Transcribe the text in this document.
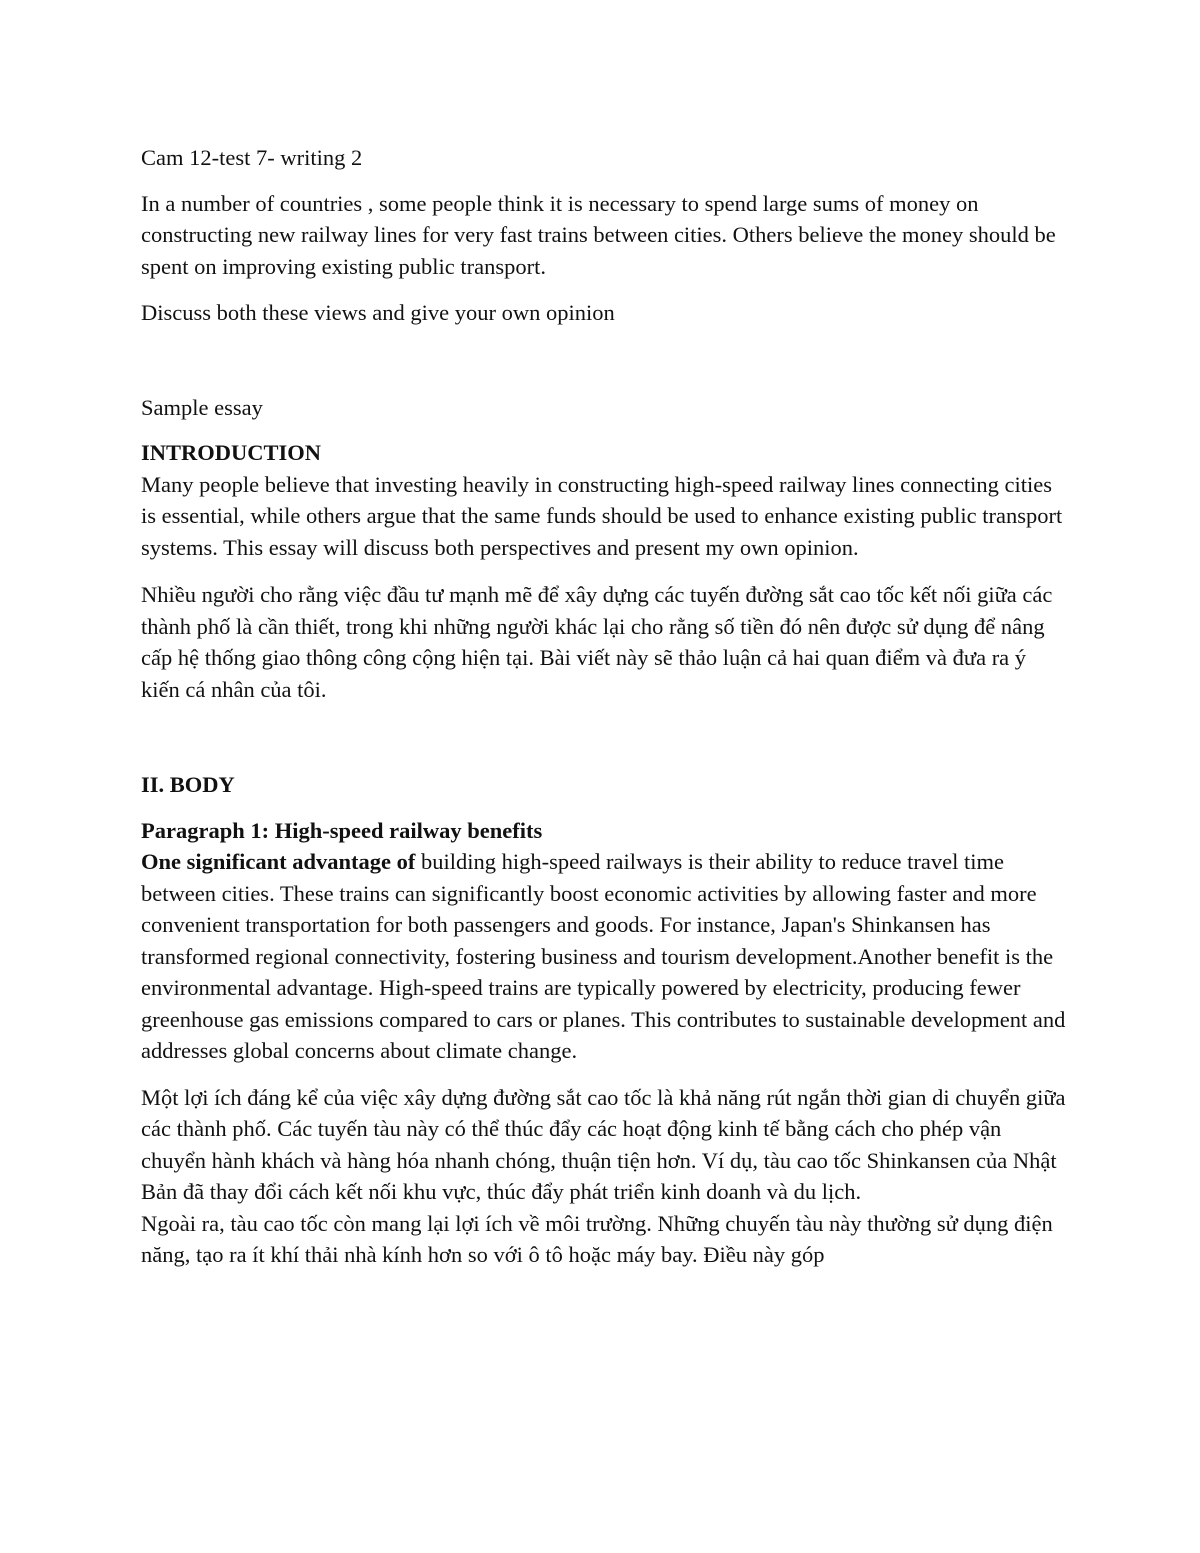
Cam 12-test 7- writing 2

In a number of countries , some people think it is necessary to spend large sums of money on constructing new railway lines for very fast trains between cities. Others believe the money should be spent on improving existing public transport.

Discuss both these views and give your own opinion

Sample essay

INTRODUCTION

Many people believe that investing heavily in constructing high-speed railway lines connecting cities is essential, while others argue that the same funds should be used to enhance existing public transport systems. This essay will discuss both perspectives and present my own opinion.

Nhiều người cho rằng việc đầu tư mạnh mẽ để xây dựng các tuyến đường sắt cao tốc kết nối giữa các thành phố là cần thiết, trong khi những người khác lại cho rằng số tiền đó nên được sử dụng để nâng cấp hệ thống giao thông công cộng hiện tại. Bài viết này sẽ thảo luận cả hai quan điểm và đưa ra ý kiến cá nhân của tôi.

II. BODY

Paragraph 1: High-speed railway benefits

One significant advantage of building high-speed railways is their ability to reduce travel time between cities. These trains can significantly boost economic activities by allowing faster and more convenient transportation for both passengers and goods. For instance, Japan's Shinkansen has transformed regional connectivity, fostering business and tourism development.Another benefit is the environmental advantage. High-speed trains are typically powered by electricity, producing fewer greenhouse gas emissions compared to cars or planes. This contributes to sustainable development and addresses global concerns about climate change.

Một lợi ích đáng kể của việc xây dựng đường sắt cao tốc là khả năng rút ngắn thời gian di chuyển giữa các thành phố. Các tuyến tàu này có thể thúc đẩy các hoạt động kinh tế bằng cách cho phép vận chuyển hành khách và hàng hóa nhanh chóng, thuận tiện hơn. Ví dụ, tàu cao tốc Shinkansen của Nhật Bản đã thay đổi cách kết nối khu vực, thúc đẩy phát triển kinh doanh và du lịch.

Ngoài ra, tàu cao tốc còn mang lại lợi ích về môi trường. Những chuyến tàu này thường sử dụng điện năng, tạo ra ít khí thải nhà kính hơn so với ô tô hoặc máy bay. Điều này góp
